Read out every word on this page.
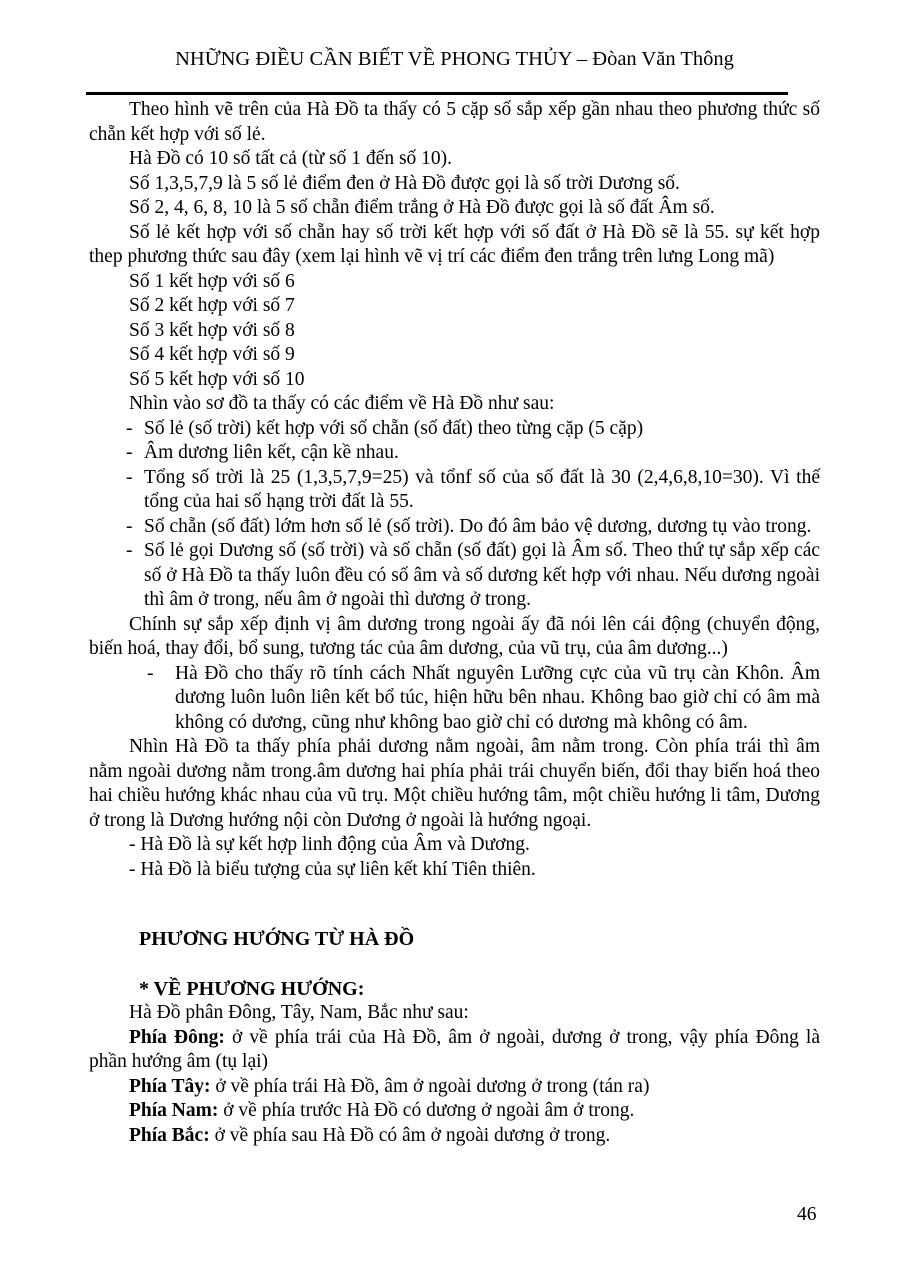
NHỮNG ĐIỀU CẦN BIẾT VỀ PHONG THỦY – Đòan Văn Thông

Theo hình vẽ trên của Hà Đồ ta thấy có 5 cặp số sắp xếp gần nhau theo phương thức số chẵn kết hợp với số lẻ.

Hà Đồ có 10 số tất cả (từ số 1 đến số 10).

Số 1,3,5,7,9 là 5 số lẻ điểm đen ở Hà Đồ được gọi là số trời Dương số.

Số 2, 4, 6, 8, 10 là 5 số chẵn điểm trắng ở Hà Đồ được gọi là số đất Âm số.

Số lẻ kết hợp với số chẵn hay số trời kết hợp với số đất ở Hà Đồ sẽ là 55. sự kết hợp thep phương thức sau đây (xem lại hình vẽ vị trí các điểm đen trắng trên lưng Long mã)

Số 1 kết hợp với số 6

Số 2 kết hợp với số 7

Số 3 kết hợp với số 8

Số 4 kết hợp với số 9

Số 5 kết hợp với số 10

Nhìn vào sơ đồ ta thấy có các điểm về Hà Đồ như sau:

- Số lẻ (số trời) kết hợp với số chẵn (số đất) theo từng cặp (5 cặp)
- Âm dương liên kết, cận kề nhau.
- Tổng số trời là 25 (1,3,5,7,9=25) và tổnf số của số đất là 30 (2,4,6,8,10=30). Vì thế tổng của hai số hạng trời đất là 55.
- Số chẵn (số đất) lớm hơn số lẻ (số trời). Do đó âm bảo vệ dương, dương tụ vào trong.
- Số lẻ gọi Dương số (số trời) và số chẵn (số đất) gọi là Âm số. Theo thứ tự sắp xếp các số ở Hà Đồ ta thấy luôn đều có số âm và số dương kết hợp với nhau. Nếu dương ngoài thì âm ở trong, nếu âm ở ngoài thì dương ở trong.

Chính sự sắp xếp định vị âm dương trong ngoài ấy đã nói lên cái động (chuyển động, biến hoá, thay đổi, bổ sung, tương tác của âm dương, của vũ trụ, của âm dương...)

- Hà Đồ cho thấy rõ tính cách Nhất nguyên Lưỡng cực của vũ trụ càn Khôn. Âm dương luôn luôn liên kết bổ túc, hiện hữu bên nhau. Không bao giờ chỉ có âm mà không có dương, cũng như không bao giờ chỉ có dương mà không có âm.

Nhìn Hà Đồ ta thấy phía phải dương nằm ngoài, âm nằm trong. Còn phía trái thì âm nằm ngoài dương nằm trong.âm dương hai phía phải trái chuyển biến, đổi thay biến hoá theo hai chiều hướng khác nhau của vũ trụ. Một chiều hướng tâm, một chiều hướng li tâm, Dương ở trong là Dương hướng nội còn Dương ở ngoài là hướng ngoại.

- Hà Đồ là sự kết hợp linh động của Âm và Dương.

- Hà Đồ là biểu tượng của sự liên kết khí Tiên thiên.

PHƯƠNG HƯỚNG TỪ HÀ ĐỒ

* VỀ PHƯƠNG HƯỚNG:

Hà Đồ phân Đông, Tây, Nam, Bắc như sau:

Phía Đông: ở về phía trái của Hà Đồ, âm ở ngoài, dương ở trong, vậy phía Đông là phần hướng âm (tụ lại)

Phía Tây: ở về phía trái Hà Đồ, âm ở ngoài dương ở trong (tán ra)

Phía Nam: ở về phía trước Hà Đồ có dương ở ngoài âm ở trong.

Phía Bắc: ở về phía sau Hà Đồ có âm ở ngoài dương ở trong.

46
